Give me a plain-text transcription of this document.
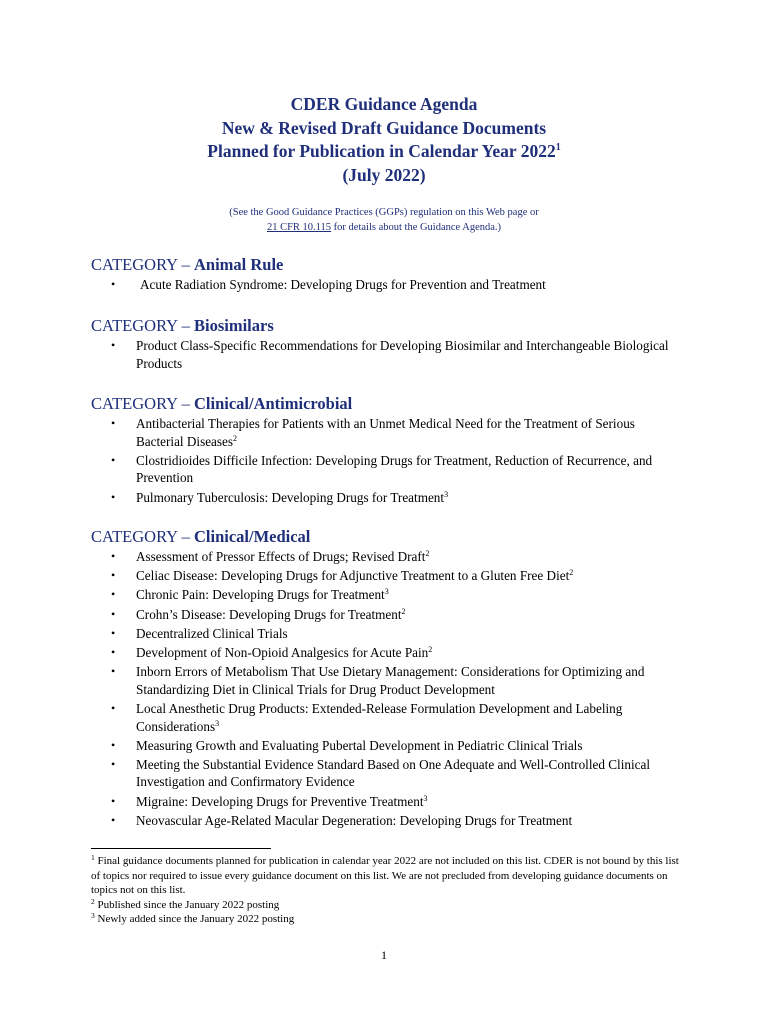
CDER Guidance Agenda
New & Revised Draft Guidance Documents
Planned for Publication in Calendar Year 2022$^1$
(July 2022)
(See the Good Guidance Practices (GGPs) regulation on this Web page or
21 CFR 10.115 for details about the Guidance Agenda.)
CATEGORY – Animal Rule
• Acute Radiation Syndrome: Developing Drugs for Prevention and Treatment
CATEGORY – Biosimilars
• Product Class-Specific Recommendations for Developing Biosimilar and Interchangeable Biological Products
CATEGORY – Clinical/Antimicrobial
• Antibacterial Therapies for Patients with an Unmet Medical Need for the Treatment of Serious Bacterial Diseases$^2$
• Clostridioides Difficile Infection: Developing Drugs for Treatment, Reduction of Recurrence, and Prevention
• Pulmonary Tuberculosis: Developing Drugs for Treatment$^3$
CATEGORY – Clinical/Medical
• Assessment of Pressor Effects of Drugs; Revised Draft$^2$
• Celiac Disease: Developing Drugs for Adjunctive Treatment to a Gluten Free Diet$^2$
• Chronic Pain: Developing Drugs for Treatment$^3$
• Crohn’s Disease: Developing Drugs for Treatment$^2$
• Decentralized Clinical Trials
• Development of Non-Opioid Analgesics for Acute Pain$^2$
• Inborn Errors of Metabolism That Use Dietary Management: Considerations for Optimizing and Standardizing Diet in Clinical Trials for Drug Product Development
• Local Anesthetic Drug Products: Extended-Release Formulation Development and Labeling Considerations$^3$
• Measuring Growth and Evaluating Pubertal Development in Pediatric Clinical Trials
• Meeting the Substantial Evidence Standard Based on One Adequate and Well-Controlled Clinical Investigation and Confirmatory Evidence
• Migraine: Developing Drugs for Preventive Treatment$^3$
• Neovascular Age-Related Macular Degeneration: Developing Drugs for Treatment

$^1$ Final guidance documents planned for publication in calendar year 2022 are not included on this list. CDER is not bound by this list of topics nor required to issue every guidance document on this list. We are not precluded from developing guidance documents on topics not on this list.

$^2$ Published since the January 2022 posting

$^3$ Newly added since the January 2022 posting

1
